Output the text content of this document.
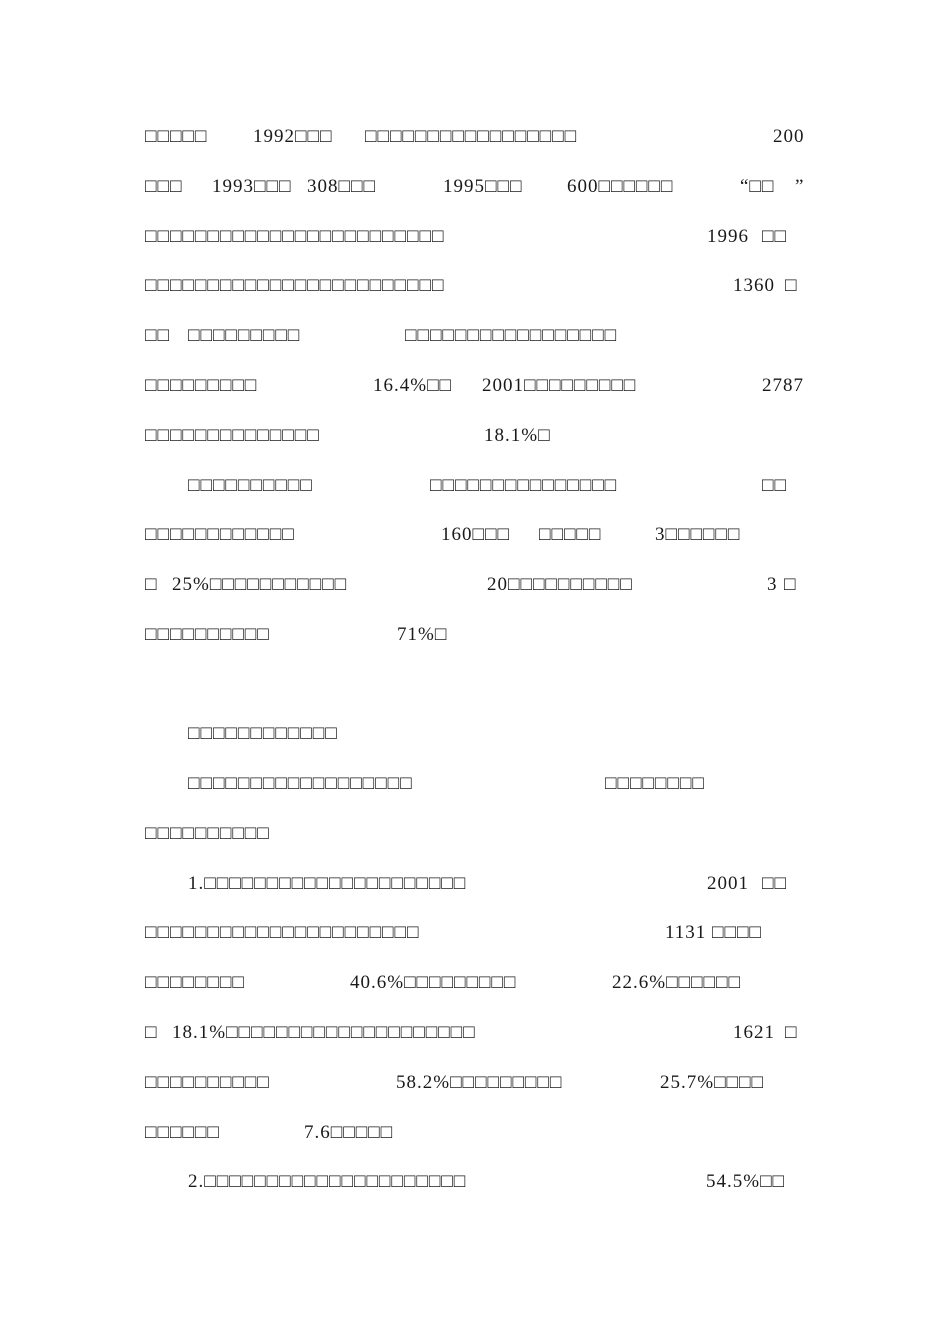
□□□□□ 1992□□□ □□□□□□□□□□□□□□□□□	200
□□□ 1993□□□ 308□□□	1995□□□ 600□□□□□□	“□□ ”
□□□□□□□□□□□□□□□□□□□□□□□□	1996 □□
□□□□□□□□□□□□□□□□□□□□□□□□	1360 □
□□ □□□□□□□□□	□□□□□□□□□□□□□□□□□
□□□□□□□□□	16.4%□□ 2001□□□□□□□□□	2787
□□□□□□□□□□□□□□	18.1%□
□□□□□□□□□□	□□□□□□□□□□□□□□□	□□
□□□□□□□□□□□□	160□□□ □□□□□	3□□□□□□
□ 25%□□□□□□□□□□□	20□□□□□□□□□□	3 □
□□□□□□□□□□	71%□
□□□□□□□□□□□□
□□□□□□□□□□□□□□□□□□	□□□□□□□□
□□□□□□□□□□
1.□□□□□□□□□□□□□□□□□□□□□	2001 □□
□□□□□□□□□□□□□□□□□□□□□□	1131 □□□□
□□□□□□□□	40.6%□□□□□□□□□	22.6%□□□□□□
□ 18.1%□□□□□□□□□□□□□□□□□□□□	1621 □
□□□□□□□□□□	58.2%□□□□□□□□□	25.7%□□□□
□□□□□□	7.6□□□□□
2.□□□□□□□□□□□□□□□□□□□□□	54.5%□□
